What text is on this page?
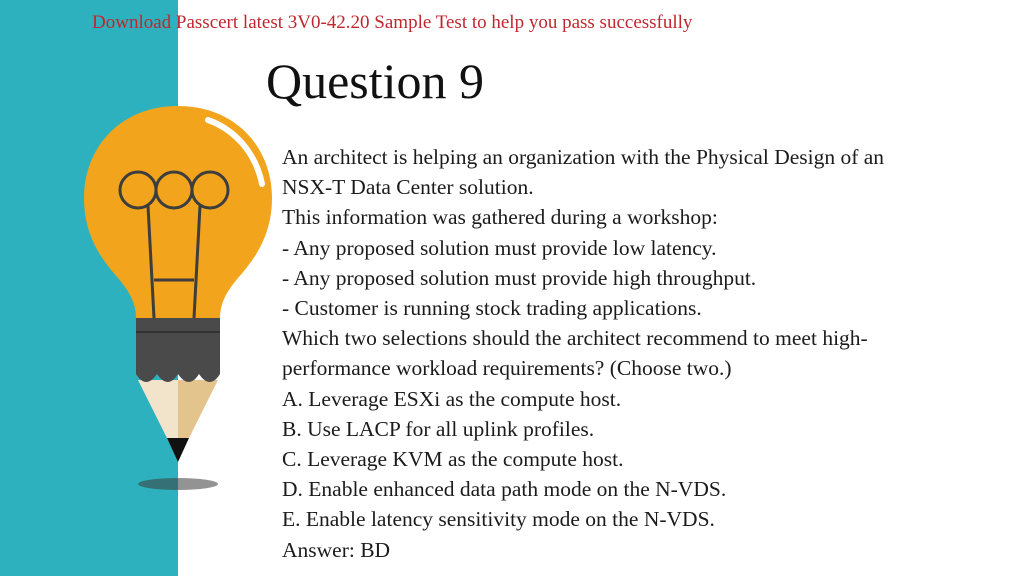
Download Passcert latest 3V0-42.20 Sample Test to help you pass successfully
Question 9
An architect is helping an organization with the Physical Design of an
NSX-T Data Center solution.
This information was gathered during a workshop:
- Any proposed solution must provide low latency.
- Any proposed solution must provide high throughput.
- Customer is running stock trading applications.
Which two selections should the architect recommend to meet high-
performance workload requirements? (Choose two.)
A. Leverage ESXi as the compute host.
B. Use LACP for all uplink profiles.
C. Leverage KVM as the compute host.
D. Enable enhanced data path mode on the N-VDS.
E. Enable latency sensitivity mode on the N-VDS.
Answer: BD
